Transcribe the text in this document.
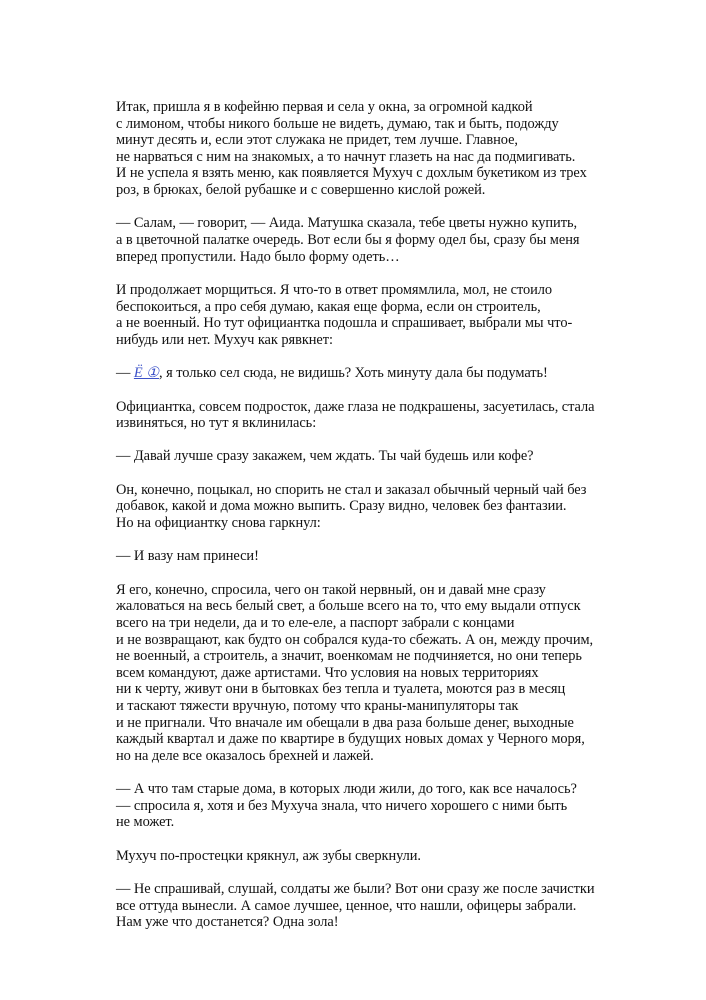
Итак, пришла я в кофейню первая и села у окна, за огромной кадкой
с лимоном, чтобы никого больше не видеть, думаю, так и быть, подожду
минут десять и, если этот служака не придет, тем лучше. Главное,
не нарваться с ним на знакомых, а то начнут глазеть на нас да подмигивать.
И не успела я взять меню, как появляется Мухуч с дохлым букетиком из трех
роз, в брюках, белой рубашке и с совершенно кислой рожей.

— Салам, — говорит, — Аида. Матушка сказала, тебе цветы нужно купить,
а в цветочной палатке очередь. Вот если бы я форму одел бы, сразу бы меня
вперед пропустили. Надо было форму одеть…

И продолжает морщиться. Я что-то в ответ промямлила, мол, не стоило
беспокоиться, а про себя думаю, какая еще форма, если он строитель,
а не военный. Но тут официантка подошла и спрашивает, выбрали мы что-
нибудь или нет. Мухуч как рявкнет:

— Ё ①, я только сел сюда, не видишь? Хоть минуту дала бы подумать!

Официантка, совсем подросток, даже глаза не подкрашены, засуетилась, стала
извиняться, но тут я вклинилась:

— Давай лучше сразу закажем, чем ждать. Ты чай будешь или кофе?

Он, конечно, поцыкал, но спорить не стал и заказал обычный черный чай без
добавок, какой и дома можно выпить. Сразу видно, человек без фантазии.
Но на официантку снова гаркнул:

— И вазу нам принеси!

Я его, конечно, спросила, чего он такой нервный, он и давай мне сразу
жаловаться на весь белый свет, а больше всего на то, что ему выдали отпуск
всего на три недели, да и то еле-еле, а паспорт забрали с концами
и не возвращают, как будто он собрался куда-то сбежать. А он, между прочим,
не военный, а строитель, а значит, военкомам не подчиняется, но они теперь
всем командуют, даже артистами. Что условия на новых территориях
ни к черту, живут они в бытовках без тепла и туалета, моются раз в месяц
и таскают тяжести вручную, потому что краны-манипуляторы так
и не пригнали. Что вначале им обещали в два раза больше денег, выходные
каждый квартал и даже по квартире в будущих новых домах у Черного моря,
но на деле все оказалось брехней и лажей.

— А что там старые дома, в которых люди жили, до того, как все началось?
— спросила я, хотя и без Мухуча знала, что ничего хорошего с ними быть
не может.

Мухуч по-простецки крякнул, аж зубы сверкнули.

— Не спрашивай, слушай, солдаты же были? Вот они сразу же после зачистки
все оттуда вынесли. А самое лучшее, ценное, что нашли, офицеры забрали.
Нам уже что достанется? Одна зола!
